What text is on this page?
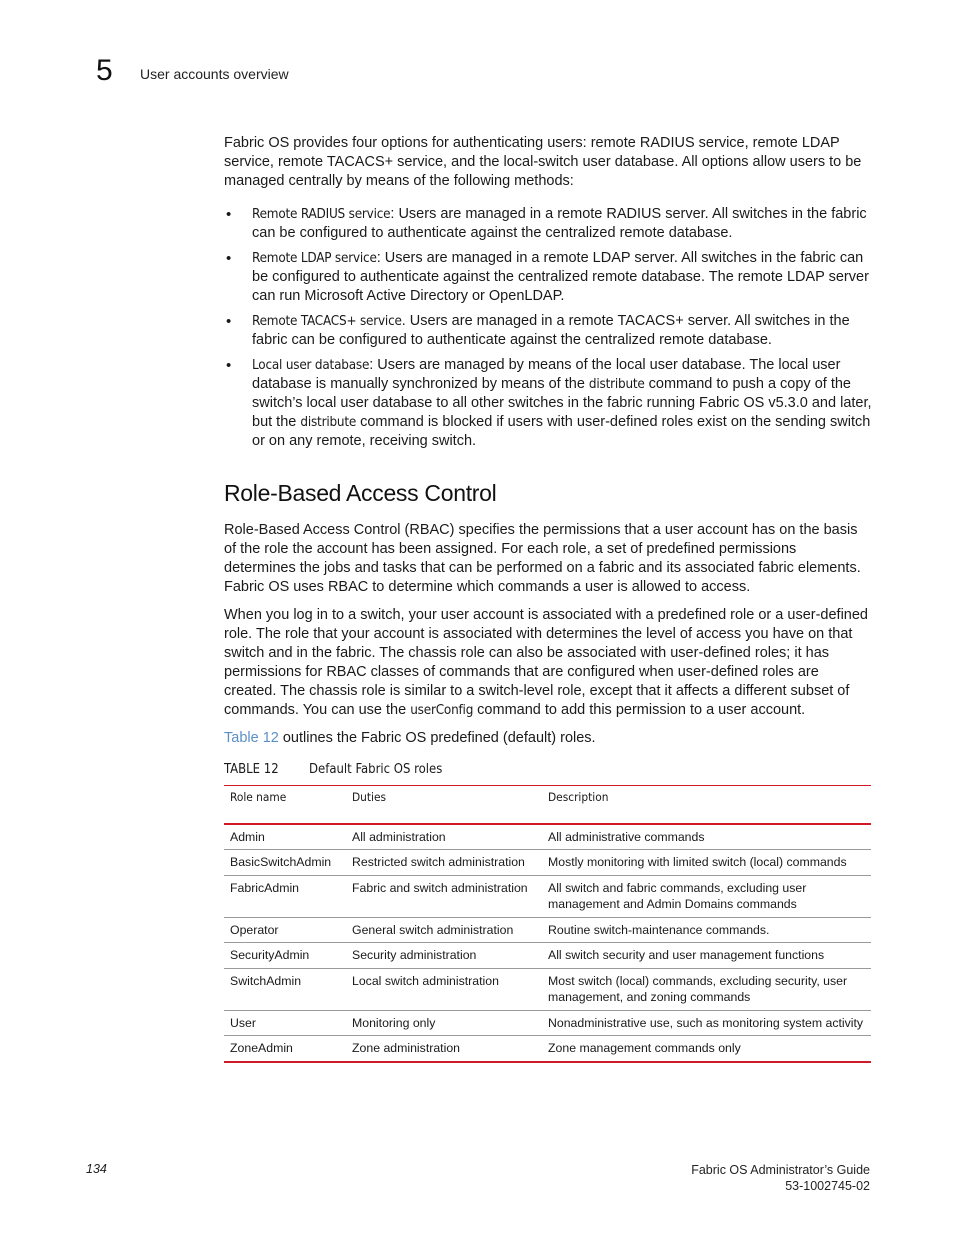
5 User accounts overview

Fabric OS provides four options for authenticating users: remote RADIUS service, remote LDAP service, remote TACACS+ service, and the local-switch user database. All options allow users to be managed centrally by means of the following methods:

• Remote RADIUS service: Users are managed in a remote RADIUS server. All switches in the fabric can be configured to authenticate against the centralized remote database.
• Remote LDAP service: Users are managed in a remote LDAP server. All switches in the fabric can be configured to authenticate against the centralized remote database. The remote LDAP server can run Microsoft Active Directory or OpenLDAP.
• Remote TACACS+ service. Users are managed in a remote TACACS+ server. All switches in the fabric can be configured to authenticate against the centralized remote database.
• Local user database: Users are managed by means of the local user database. The local user database is manually synchronized by means of the distribute command to push a copy of the switch’s local user database to all other switches in the fabric running Fabric OS v5.3.0 and later, but the distribute command is blocked if users with user-defined roles exist on the sending switch or on any remote, receiving switch.
Role-Based Access Control

Role-Based Access Control (RBAC) specifies the permissions that a user account has on the basis of the role the account has been assigned. For each role, a set of predefined permissions determines the jobs and tasks that can be performed on a fabric and its associated fabric elements. Fabric OS uses RBAC to determine which commands a user is allowed to access.

When you log in to a switch, your user account is associated with a predefined role or a user-defined role. The role that your account is associated with determines the level of access you have on that switch and in the fabric. The chassis role can also be associated with user-defined roles; it has permissions for RBAC classes of commands that are configured when user-defined roles are created. The chassis role is similar to a switch-level role, except that it affects a different subset of commands. You can use the userConfig command to add this permission to a user account.

Table 12 outlines the Fabric OS predefined (default) roles.

TABLE 12 Default Fabric OS roles
Role name	Duties	Description
Admin	All administration	All administrative commands
BasicSwitchAdmin	Restricted switch administration	Mostly monitoring with limited switch (local) commands
FabricAdmin	Fabric and switch administration	All switch and fabric commands, excluding user management and Admin Domains commands
Operator	General switch administration	Routine switch-maintenance commands.
SecurityAdmin	Security administration	All switch security and user management functions
SwitchAdmin	Local switch administration	Most switch (local) commands, excluding security, user management, and zoning commands
User	Monitoring only	Nonadministrative use, such as monitoring system activity
ZoneAdmin	Zone administration	Zone management commands only
134	Fabric OS Administrator’s Guide
53-1002745-02
